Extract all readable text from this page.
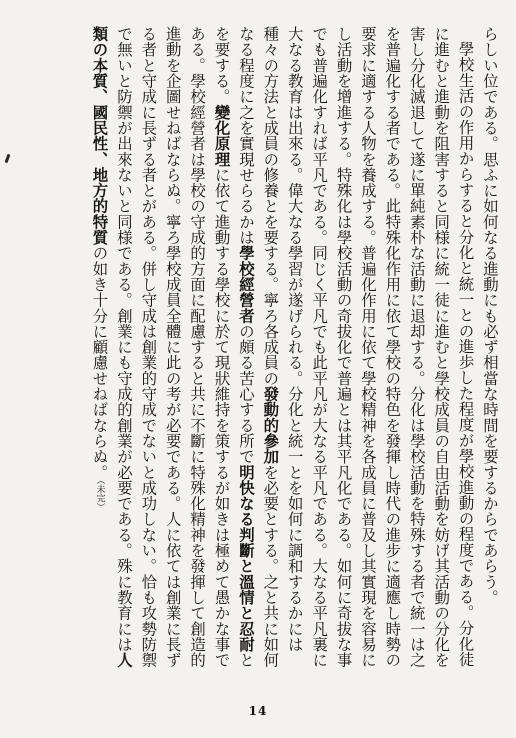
らしい位である。思ふに如何なる進動にも必ず相當な時間を要するからであらう。

學校生活の作用からすると分化と統一との進歩した程度が學校進動の程度である。分化徒に進むと進動を阻害すると同様に統一徒に進むと學校成員の自由活動を妨げ其活動の分化を害し分化滅退して遂に單純素朴な活動に退却する。分化は學校活動を特殊する者で統一は之を普遍化する者である。此特殊化作用に依て學校の特色を發揮し時代の進步に適應し時勢の要求に適する人物を養成する。普遍化作用に依て學校精神を各成員に普及し其實現を容易にし活動を增進する。特殊化は學校活動の奇拔化で普遍とは其平凡化である。如何に奇拔な事でも普遍化すれば平凡である。同じく平凡でも此平凡が大なる平凡である。大なる平凡裏に大なる教育は出來る。偉大なる學習が遂げられる。分化と統一とを如何に調和するかには種々の方法と成員の修養とを要する。寧ろ各成員の發動的參加を必要とする。之と共に如何なる程度に之を實現せらるかは學校經營者の頗る苦心する所で明快なる判斷と溫情と忍耐とを要する。變化原理に依て進動する學校に於て現狀維持を策するが如きは極めて愚かな事である。學校經營者は學校の守成的方面に配慮すると共に不斷に特殊化精神を發揮して創造的進動を企圖せねばならぬ。寧ろ學校成員全體に此の考が必要である。人に依ては創業に長ずる者と守成に長ずる者とがある。併し守成は創業的守成でないと成功しない。恰も攻勢防禦で無いと防禦が出來ないと同様である。創業にも守成的創業が必要である。殊に教育には人類の本質、國民性、地方的特質の如き十分に顧慮せねばならぬ。（未完）

14
